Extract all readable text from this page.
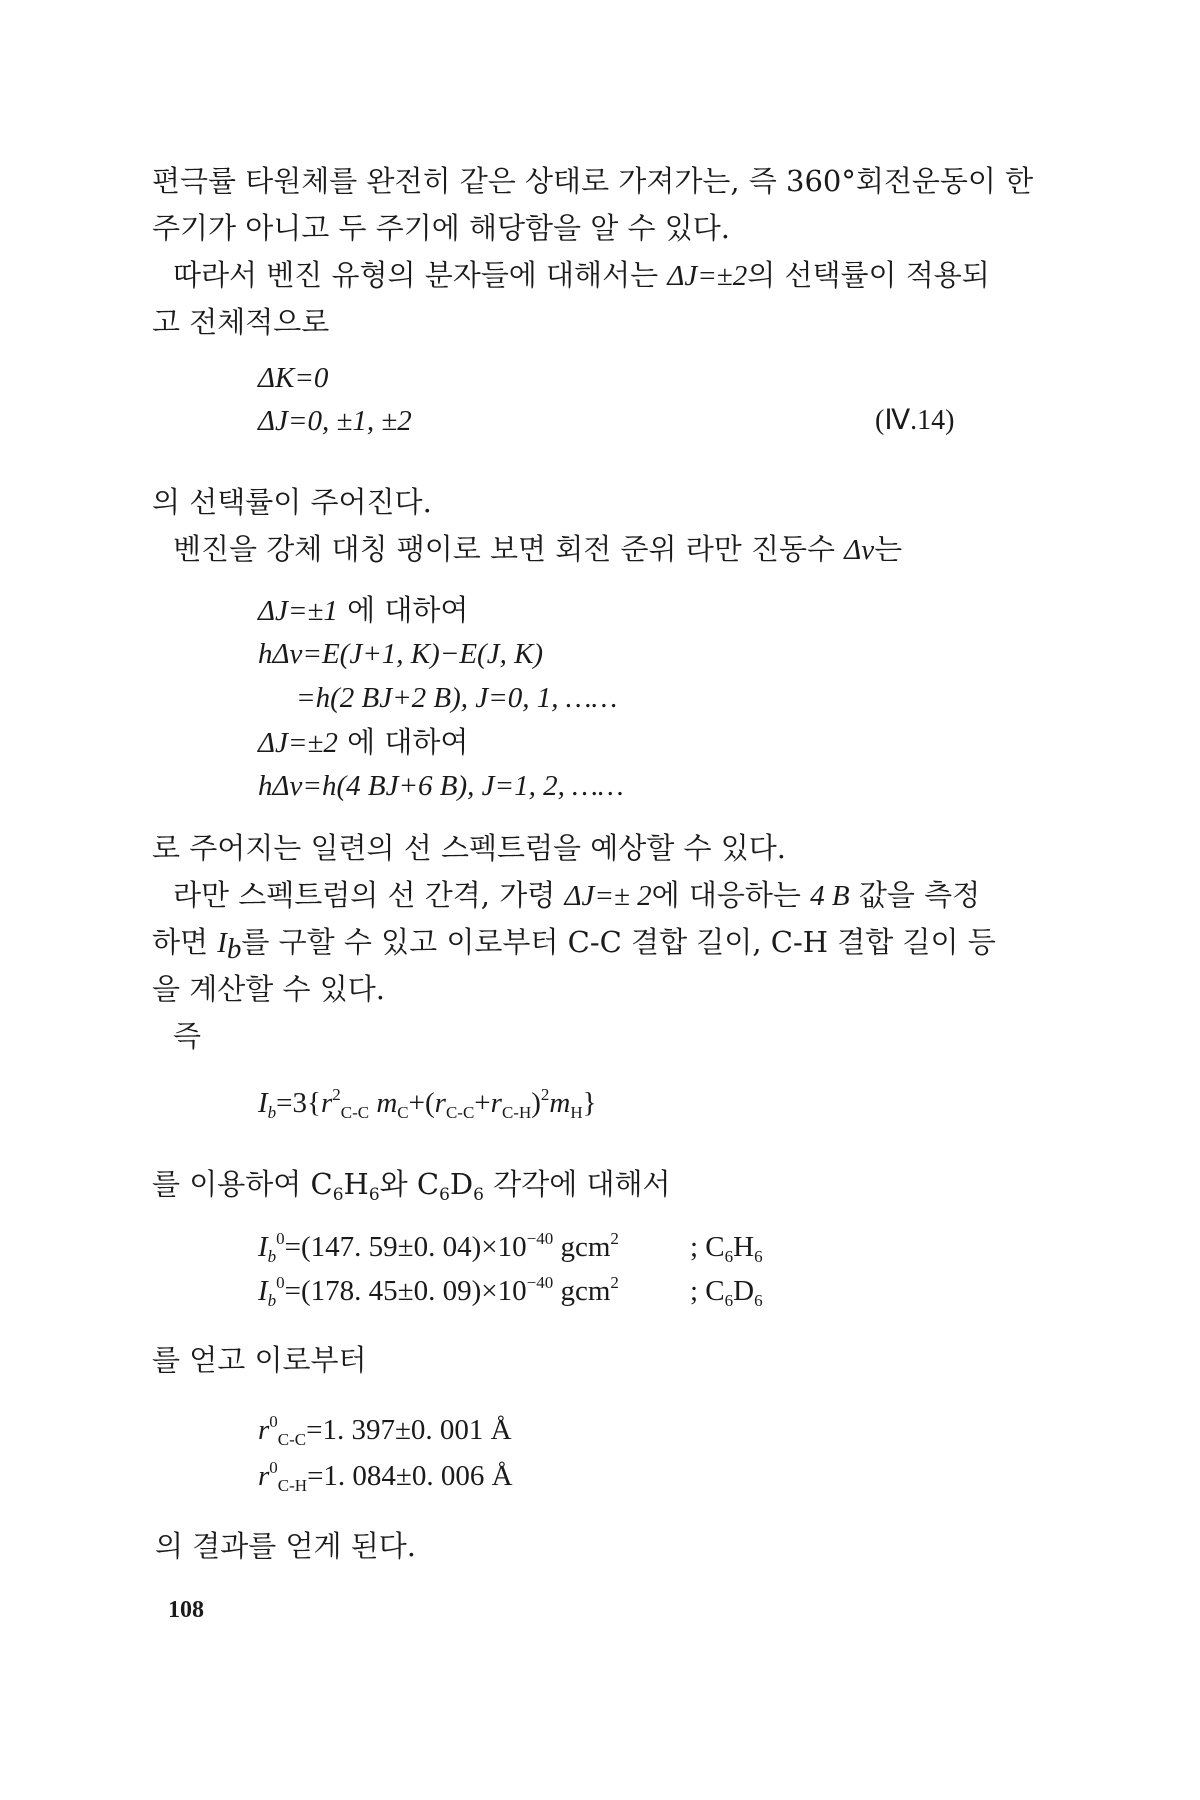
편극률 타원체를 완전히 같은 상태로 가져가는, 즉 360°회전운동이 한
주기가 아니고 두 주기에 해당함을 알 수 있다.
따라서 벤진 유형의 분자들에 대해서는 ΔJ=±2의 선택률이 적용되
고 전체적으로
ΔK=0
ΔJ=0, ±1, ±2	(Ⅳ.14)
의 선택률이 주어진다.
벤진을 강체 대칭 팽이로 보면 회전 준위 라만 진동수 Δν는
ΔJ=±1 에 대하여
hΔν=E(J+1, K)−E(J, K)
=h(2 BJ+2 B), J=0, 1, ……
ΔJ=±2 에 대하여
hΔν=h(4 BJ+6 B), J=1, 2, ……
로 주어지는 일련의 선 스펙트럼을 예상할 수 있다.
라만 스펙트럼의 선 간격, 가령 ΔJ=± 2에 대응하는 4 B 값을 측정
하면 $I_b$를 구할 수 있고 이로부터 C-C 결합 길이, C-H 결합 길이 등
을 계산할 수 있다.
즉
$I_b=3\{r^2_{C-C}$ $m_C+(r_{C-C}+r_{C-H})^2m_H$}
를 이용하여 $C_6H_6$와 $C_6D_6$ 각각에 대해서
$I_b^0=(147$. 59±0. $04)\times 10^{-40}$ gcm$^2$ ; $C_6H_6$
$I_b^0=(178$. 45±0. $09)\times 10^{-40}$ gcm$^2$ ; $C_6D_6$
를 얻고 이로부터
$r^0_{C-C}=1$. 397±0. 001 Å
$r^0_{C-H}=1$. 084±0. 006 Å
의 결과를 얻게 된다.
108
